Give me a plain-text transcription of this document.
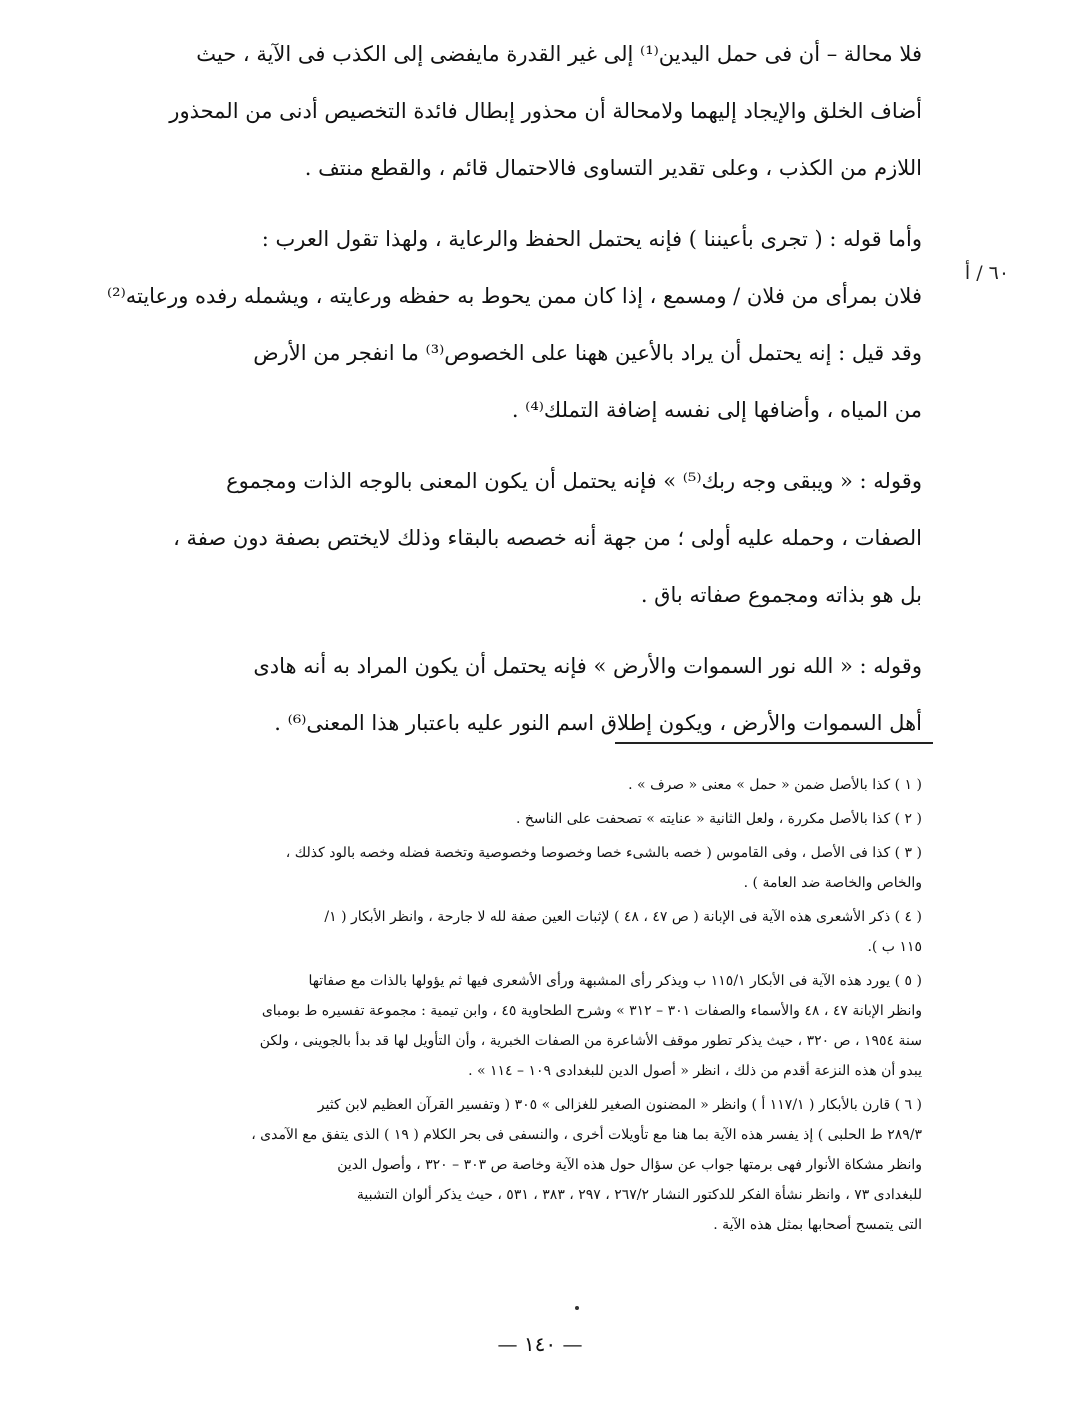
فلا محالة – أن فى حمل اليدين⁽¹⁾ إلى غير القدرة مايفضى إلى الكذب فى الآية ، حيث
أضاف الخلق والإيجاد إليهما ولامحالة أن محذور إبطال فائدة التخصيص أدنى من المحذور
اللازم من الكذب ، وعلى تقدير التساوى فالاحتمال قائم ، والقطع منتف .
وأما قوله : ( تجرى بأعيننا ) فإنه يحتمل الحفظ والرعاية ، ولهذا تقول العرب :
فلان بمرأى من فلان / ومسمع ، إذا كان ممن يحوط به حفظه ورعايته ، ويشمله رفده ورعايته⁽²⁾
وقد قيل : إنه يحتمل أن يراد بالأعين ههنا على الخصوص⁽³⁾ ما انفجر من الأرض
من المياه ، وأضافها إلى نفسه إضافة التملك⁽⁴⁾ .
وقوله : « ويبقى وجه ربك⁽⁵⁾ » فإنه يحتمل أن يكون المعنى بالوجه الذات ومجموع
الصفات ، وحمله عليه أولى ؛ من جهة أنه خصصه بالبقاء وذلك لايختص بصفة دون صفة ،
بل هو بذاته ومجموع صفاته باق .
وقوله : « الله نور السموات والأرض » فإنه يحتمل أن يكون المراد به أنه هادى
أهل السموات والأرض ، ويكون إطلاق اسم النور عليه باعتبار هذا المعنى⁽⁶⁾ .
٦٠ / أ
( ١ ) كذا بالأصل ضمن « حمل » معنى « صرف » .
( ٢ ) كذا بالأصل مكررة ، ولعل الثانية « عنايته » تصحفت على الناسخ .
( ٣ ) كذا فى الأصل ، وفى القاموس ( خصه بالشىء خصا وخصوصا وخصوصية وتخصة فضله وخصه بالود كذلك ،
والخاص والخاصة ضد العامة ) .
( ٤ ) ذكر الأشعرى هذه الآية فى الإبانة ( ص ٤٧ ، ٤٨ ) لإثبات العين صفة لله لا جارحة ، وانظر الأبكار ( ١/
١١٥ ب ).
( ٥ ) يورد هذه الآية فى الأبكار ١١٥/١ ب ويذكر رأى المشبهة ورأى الأشعرى فيها ثم يؤولها بالذات مع صفاتها
وانظر الإبانة ٤٧ ، ٤٨ والأسماء والصفات ٣٠١ – ٣١٢ » وشرح الطحاوية ٤٥ ، وابن تيمية : مجموعة تفسيره ط بومباى
سنة ١٩٥٤ ، ص ٣٢٠ ، حيث يذكر تطور موقف الأشاعرة من الصفات الخبرية ، وأن التأويل لها قد بدأ بالجوينى ، ولكن
يبدو أن هذه النزعة أقدم من ذلك ، انظر « أصول الدين للبغدادى ١٠٩ – ١١٤ » .
( ٦ ) قارن بالأبكار ( ١١٧/١ أ ) وانظر « المضنون الصغير للغزالى » ٣٠٥ ( وتفسير القرآن العظيم لابن كثير
٢٨٩/٣ ط الحلبى ) إذ يفسر هذه الآية بما هنا مع تأويلات أخرى ، والنسفى فى بحر الكلام ( ١٩ ) الذى يتفق مع الآمدى ،
وانظر مشكاة الأنوار فهى برمتها جواب عن سؤال حول هذه الآية وخاصة ص ٣٠٣ – ٣٢٠ ، وأصول الدين
للبغدادى ٧٣ ، وانظر نشأة الفكر للدكتور النشار ٢٦٧/٢ ، ٢٩٧ ، ٣٨٣ ، ٥٣١ ، حيث يذكر ألوان التشبية
التى يتمسح أصحابها بمثل هذه الآية .
— ١٤٠ —
